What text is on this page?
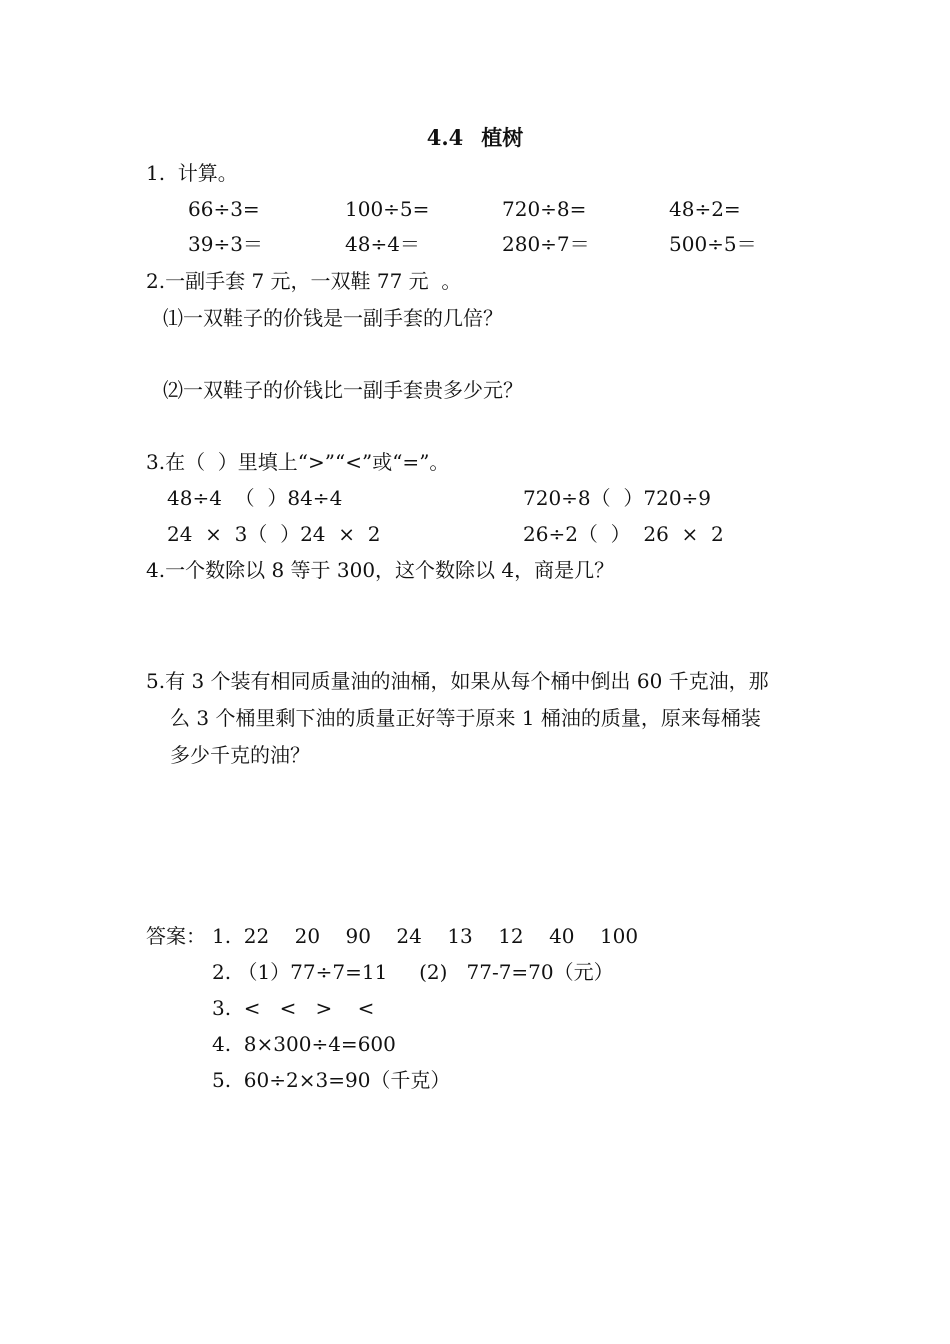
4.4 植树
1.  计算。
66÷3=	100÷5=	720÷8=	48÷2=
39÷3＝	48÷4＝	280÷7＝	500÷5＝
2.一副手套 7 元，一双鞋 77 元  。
⑴一双鞋子的价钱是一副手套的几倍？
⑵一双鞋子的价钱比一副手套贵多少元？
3.在（  ）里填上“>”“<”或“=”。
48÷4  （  ）84÷4	720÷8（  ）720÷9
24  ×  3（  ）24  ×  2	26÷2（  ）  26  ×  2
4.一个数除以 8 等于 300，这个数除以 4，商是几？
5.有 3 个装有相同质量油的油桶，如果从每个桶中倒出 60 千克油，那
么 3 个桶里剩下油的质量正好等于原来 1 桶油的质量，原来每桶装
多少千克的油？
答案： 1.  22    20    90    24    13    12    40    100
2. （1）77÷7=11     (2)   77-7=70（元）
3.  <   <   >    <
4.  8×300÷4=600
5.  60÷2×3=90（千克）
